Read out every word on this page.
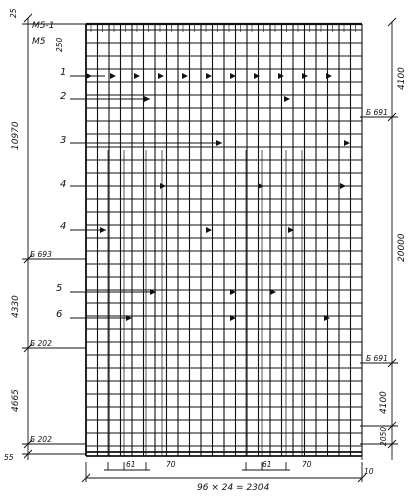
М5-1
М5
25
250
10970
4330
4665
55
4100
20000
4100
2050
10
61	70
96 × 24 = 2304
61	70
1
2
3
4
4
5
6
Б 691
Б 693
Б 202
Б 691
Б 202
